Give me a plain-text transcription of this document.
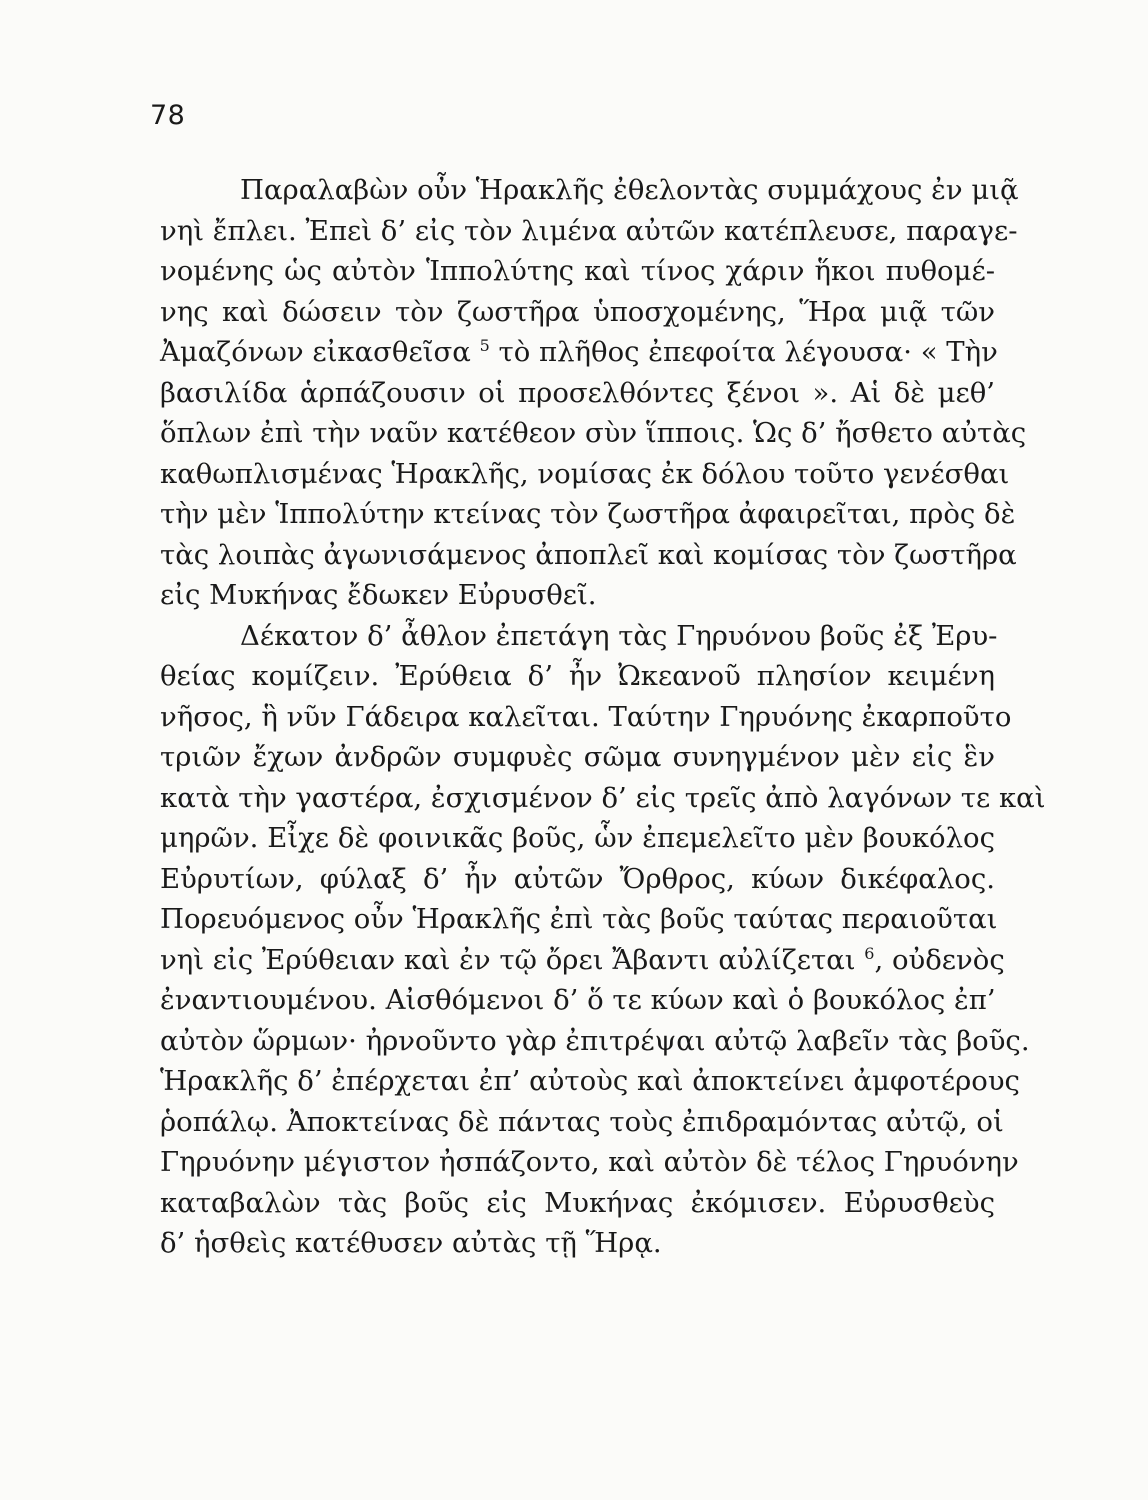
78
Παραλαβὼν οὖν Ἡρακλῆς ἐθελοντὰς συμμάχους ἐν μιᾷ
νηὶ ἔπλει. Ἐπεὶ δ’ εἰς τὸν λιμένα αὐτῶν κατέπλευσε, παραγε-
νομένης ὡς αὐτὸν Ἱππολύτης καὶ τίνος χάριν ἥκοι πυθομέ-
νης καὶ δώσειν τὸν ζωστῆρα ὑποσχομένης, Ἥρα μιᾷ τῶν
Ἀμαζόνων εἰκασθεῖσα $^5$ τὸ πλῆθος ἐπεφοίτα λέγουσα· « Τὴν
βασιλίδα ἁρπάζουσιν οἱ προσελθόντες ξένοι ». Αἱ δὲ μεθ’
ὅπλων ἐπὶ τὴν ναῦν κατέθεον σὺν ἵπποις. Ὡς δ’ ἤσθετο αὐτὰς
καθωπλισμένας Ἡρακλῆς, νομίσας ἐκ δόλου τοῦτο γενέσθαι
τὴν μὲν Ἱππολύτην κτείνας τὸν ζωστῆρα ἀφαιρεῖται, πρὸς δὲ
τὰς λοιπὰς ἀγωνισάμενος ἀποπλεῖ καὶ κομίσας τὸν ζωστῆρα
εἰς Μυκήνας ἔδωκεν Εὐρυσθεῖ.
Δέκατον δ’ ἆθλον ἐπετάγη τὰς Γηρυόνου βοῦς ἐξ Ἐρυ-
θείας κομίζειν. Ἐρύθεια δ’ ἦν Ὠκεανοῦ πλησίον κειμένη
νῆσος, ἣ νῦν Γάδειρα καλεῖται. Ταύτην Γηρυόνης ἐκαρποῦτο
τριῶν ἔχων ἀνδρῶν συμφυὲς σῶμα συνηγμένον μὲν εἰς ἓν
κατὰ τὴν γαστέρα, ἐσχισμένον δ’ εἰς τρεῖς ἀπὸ λαγόνων τε καὶ
μηρῶν. Εἶχε δὲ φοινικᾶς βοῦς, ὧν ἐπεμελεῖτο μὲν βουκόλος
Εὐρυτίων, φύλαξ δ’ ἦν αὐτῶν Ὄρθρος, κύων δικέφαλος.
Πορευόμενος οὖν Ἡρακλῆς ἐπὶ τὰς βοῦς ταύτας περαιοῦται
νηὶ εἰς Ἐρύθειαν καὶ ἐν τῷ ὄρει Ἄβαντι αὐλίζεται $^6$, οὐδενὸς
ἐναντιουμένου. Αἰσθόμενοι δ’ ὅ τε κύων καὶ ὁ βουκόλος ἐπ’
αὐτὸν ὥρμων· ἠρνοῦντο γὰρ ἐπιτρέψαι αὐτῷ λαβεῖν τὰς βοῦς.
Ἡρακλῆς δ’ ἐπέρχεται ἐπ’ αὐτοὺς καὶ ἀποκτείνει ἀμφοτέρους
ῥοπάλῳ. Ἀποκτείνας δὲ πάντας τοὺς ἐπιδραμόντας αὐτῷ, οἱ
Γηρυόνην μέγιστον ἠσπάζοντο, καὶ αὐτὸν δὲ τέλος Γηρυόνην
καταβαλὼν τὰς βοῦς εἰς Μυκήνας ἐκόμισεν. Εὐρυσθεὺς
δ’ ἡσθεὶς κατέθυσεν αὐτὰς τῇ Ἥρᾳ.
